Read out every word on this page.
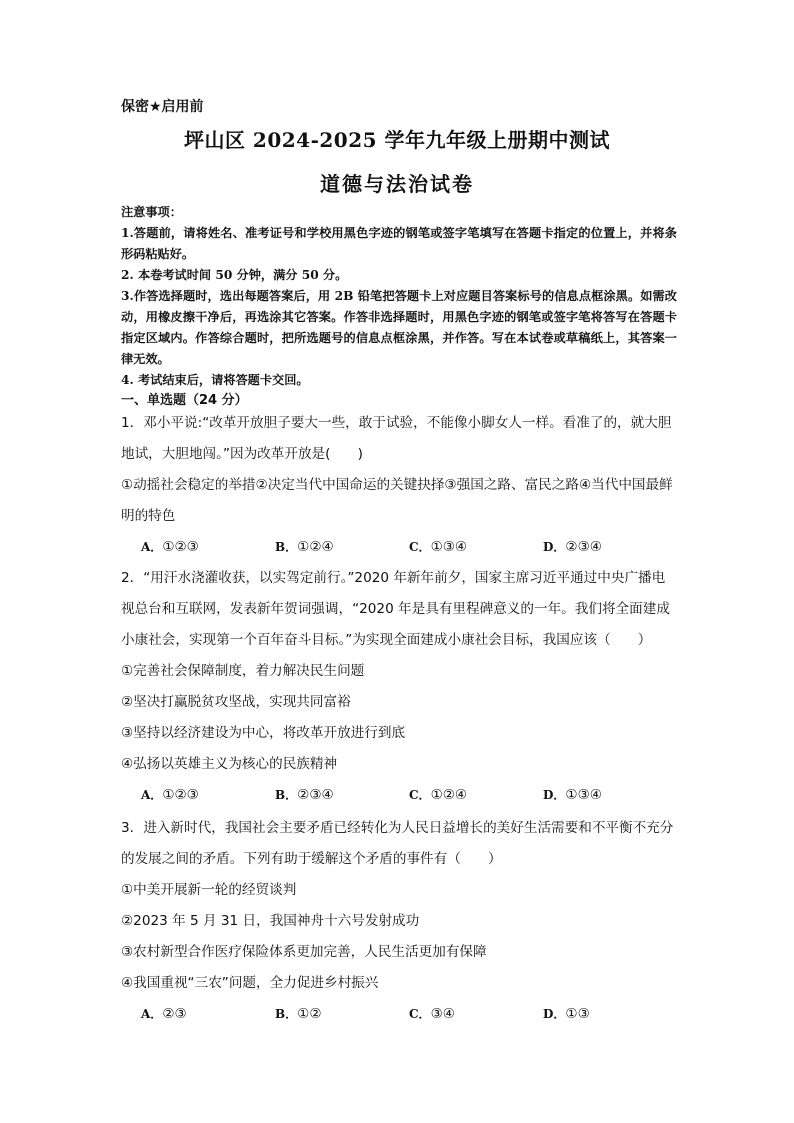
保密★启用前
坪山区 2024-2025 学年九年级上册期中测试
道德与法治试卷

注意事项：

1.答题前，请将姓名、准考证号和学校用黑色字迹的钢笔或签字笔填写在答题卡指定的位置上，并将条形码粘贴好。

2. 本卷考试时间 50 分钟，满分 50 分。

3.作答选择题时，选出每题答案后，用 2B 铅笔把答题卡上对应题目答案标号的信息点框涂黑。如需改动，用橡皮擦干净后，再选涂其它答案。作答非选择题时，用黑色字迹的钢笔或签字笔将答写在答题卡指定区域内。作答综合题时，把所选题号的信息点框涂黑，并作答。写在本试卷或草稿纸上，其答案一律无效。

4. 考试结束后，请将答题卡交回。

一、单选题（24 分）

1．邓小平说:“改革开放胆子要大一些，敢于试验，不能像小脚女人一样。看准了的，就大胆地试，大胆地闯。”因为改革开放是(　　)

①动摇社会稳定的举措②决定当代中国命运的关键抉择③强国之路、富民之路④当代中国最鲜明的特色

A．①②③	B．①②④	C．①③④	D．②③④

2．“用汗水浇灌收获，以实驾定前行。”2020 年新年前夕，国家主席习近平通过中央广播电视总台和互联网，发表新年贺词强调，“2020 年是具有里程碑意义的一年。我们将全面建成小康社会，实现第一个百年奋斗目标。”为实现全面建成小康社会目标，我国应该（　　）

①完善社会保障制度，着力解决民生问题

②坚决打赢脱贫攻坚战，实现共同富裕

③坚持以经济建设为中心，将改革开放进行到底

④弘扬以英雄主义为核心的民族精神

A．①②③	B．②③④	C．①②④	D．①③④

3．进入新时代，我国社会主要矛盾已经转化为人民日益增长的美好生活需要和不平衡不充分的发展之间的矛盾。下列有助于缓解这个矛盾的事件有（　　）

①中美开展新一轮的经贸谈判

②2023 年 5 月 31 日，我国神舟十六号发射成功

③农村新型合作医疗保险体系更加完善，人民生活更加有保障

④我国重视“三农”问题，全力促进乡村振兴

A．②③	B．①②	C．③④	D．①③
